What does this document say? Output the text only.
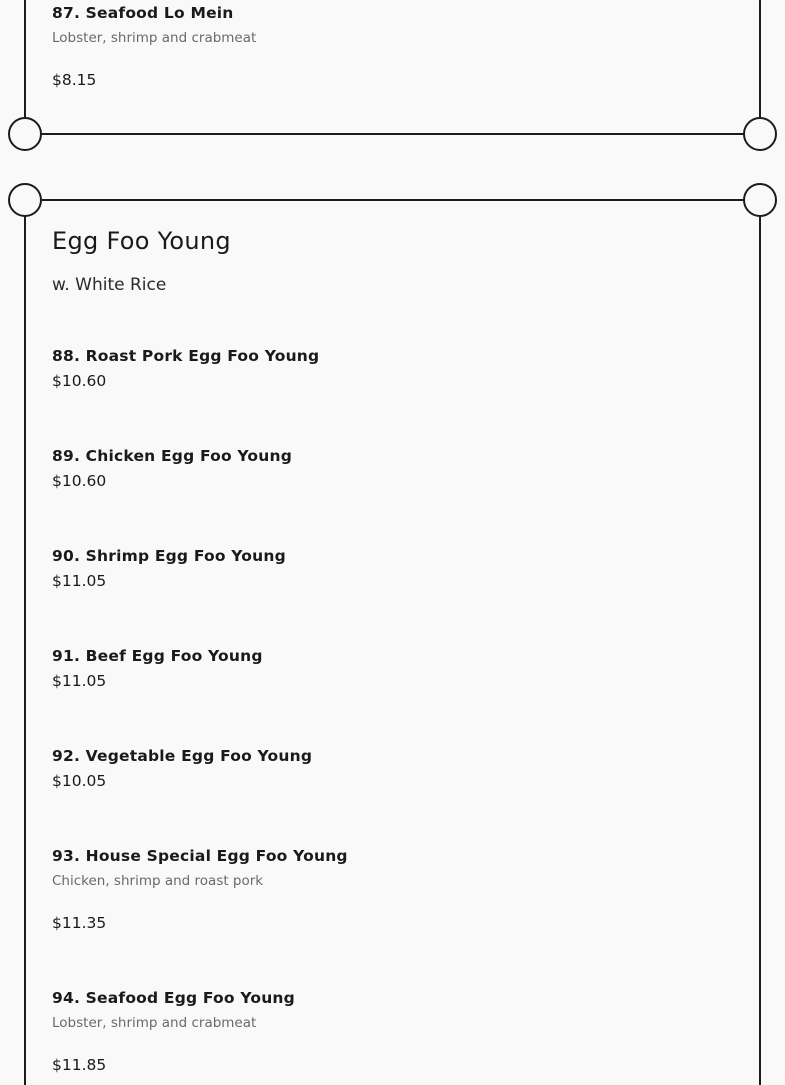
87. Seafood Lo Mein
Lobster, shrimp and crabmeat
$8.15
Egg Foo Young
w. White Rice
88. Roast Pork Egg Foo Young
$10.60
89. Chicken Egg Foo Young
$10.60
90. Shrimp Egg Foo Young
$11.05
91. Beef Egg Foo Young
$11.05
92. Vegetable Egg Foo Young
$10.05
93. House Special Egg Foo Young
Chicken, shrimp and roast pork
$11.35
94. Seafood Egg Foo Young
Lobster, shrimp and crabmeat
$11.85
